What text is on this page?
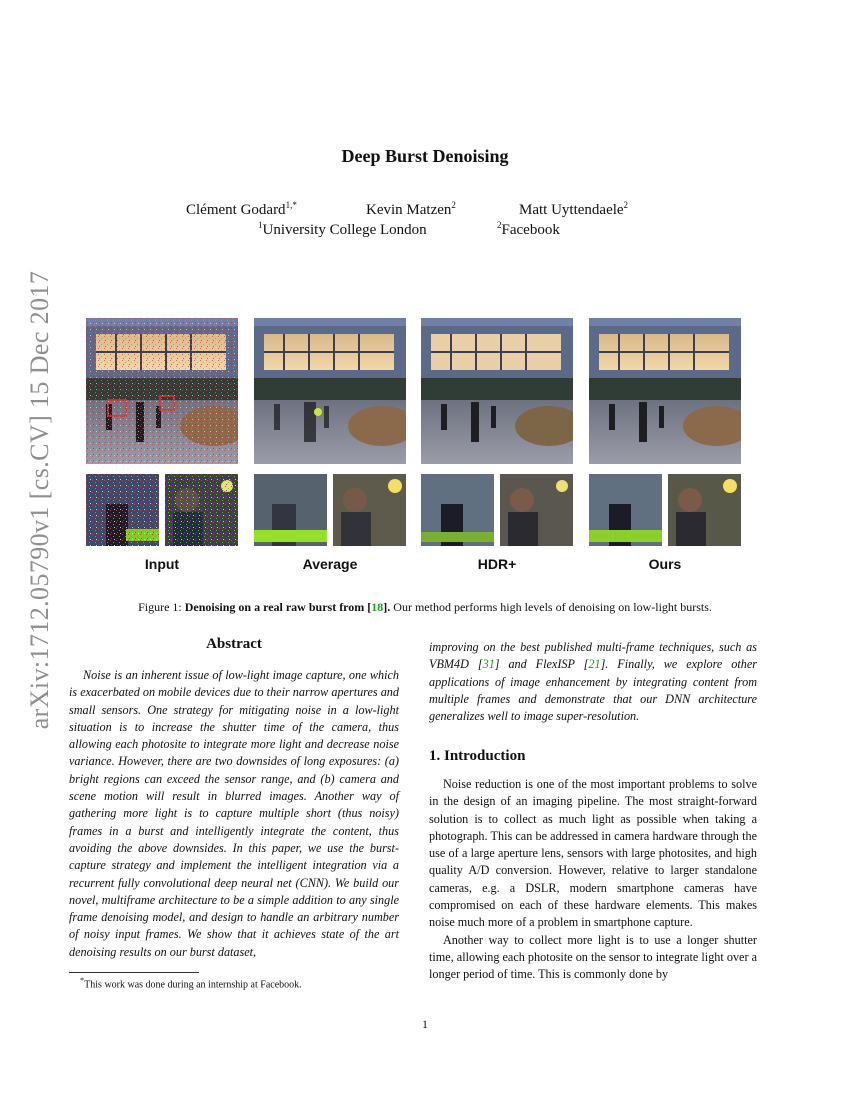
arXiv:1712.05790v1 [cs.CV] 15 Dec 2017
Deep Burst Denoising
Clément Godard$^{1,*}$	Kevin Matzen$^2$	Matt Uyttendaele$^2$
$^1$University College London	$^2$Facebook
Input	Average	HDR+	Ours
Figure 1: Denoising on a real raw burst from [18]. Our method performs high levels of denoising on low-light bursts.
Abstract

Noise is an inherent issue of low-light image capture, one which is exacerbated on mobile devices due to their narrow apertures and small sensors. One strategy for mitigating noise in a low-light situation is to increase the shutter time of the camera, thus allowing each photosite to integrate more light and decrease noise variance. However, there are two downsides of long exposures: (a) bright regions can exceed the sensor range, and (b) camera and scene motion will result in blurred images. Another way of gathering more light is to capture multiple short (thus noisy) frames in a burst and intelligently integrate the content, thus avoiding the above downsides. In this paper, we use the burst-capture strategy and implement the intelligent integration via a recurrent fully convolutional deep neural net (CNN). We build our novel, multiframe architecture to be a simple addition to any single frame denoising model, and design to handle an arbitrary number of noisy input frames. We show that it achieves state of the art denoising results on our burst dataset,

improving on the best published multi-frame techniques, such as VBM4D [31] and FlexISP [21]. Finally, we explore other applications of image enhancement by integrating content from multiple frames and demonstrate that our DNN architecture generalizes well to image super-resolution.

1. Introduction

Noise reduction is one of the most important problems to solve in the design of an imaging pipeline. The most straight-forward solution is to collect as much light as possible when taking a photograph. This can be addressed in camera hardware through the use of a large aperture lens, sensors with large photosites, and high quality A/D conversion. However, relative to larger standalone cameras, e.g. a DSLR, modern smartphone cameras have compromised on each of these hardware elements. This makes noise much more of a problem in smartphone capture.

Another way to collect more light is to use a longer shutter time, allowing each photosite on the sensor to integrate light over a longer period of time. This is commonly done by

*This work was done during an internship at Facebook.
1
